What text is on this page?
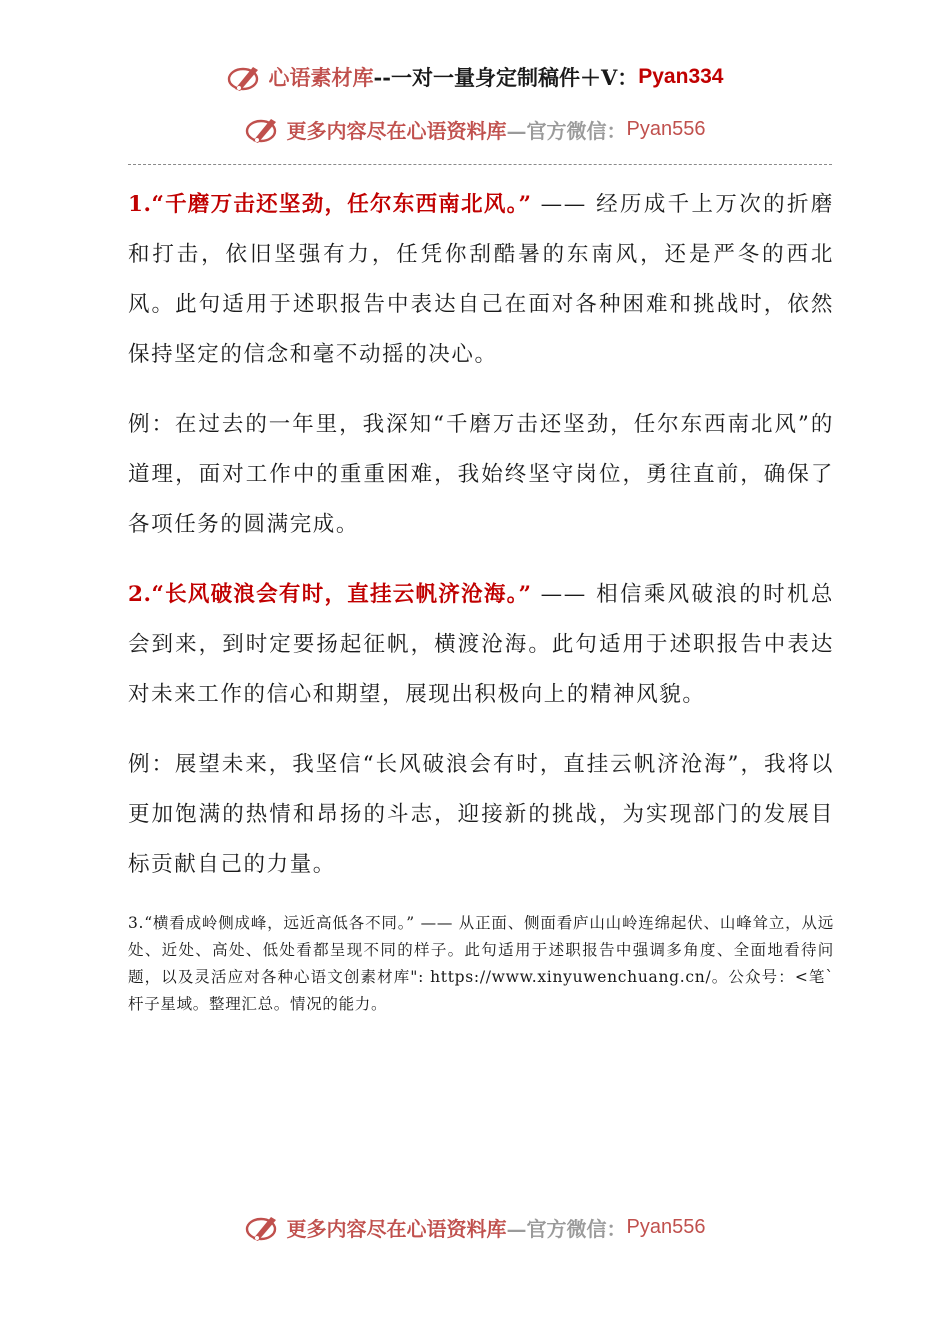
心语素材库 --一对一量身定制稿件＋V： Pyan334
更多内容尽在心语资料库 —官方微信： Pyan556

1.“千磨万击还坚劲，任尔东西南北风。” —— 经历成千上万次的折磨和打击，依旧坚强有力，任凭你刮酷暑的东南风，还是严冬的西北风。此句适用于述职报告中表达自己在面对各种困难和挑战时，依然保持坚定的信念和毫不动摇的决心。

例：在过去的一年里，我深知“千磨万击还坚劲，任尔东西南北风”的道理，面对工作中的重重困难，我始终坚守岗位，勇往直前，确保了各项任务的圆满完成。

2.“长风破浪会有时，直挂云帆济沧海。” —— 相信乘风破浪的时机总会到来，到时定要扬起征帆，横渡沧海。此句适用于述职报告中表达对未来工作的信心和期望，展现出积极向上的精神风貌。

例：展望未来，我坚信“长风破浪会有时，直挂云帆济沧海”，我将以更加饱满的热情和昂扬的斗志，迎接新的挑战，为实现部门的发展目标贡献自己的力量。

3.“横看成岭侧成峰，远近高低各不同。” —— 从正面、侧面看庐山山岭连绵起伏、山峰耸立，从远处、近处、高处、低处看都呈现不同的样子。此句适用于述职报告中强调多角度、全面地看待问题，以及灵活应对各种心语文创素材库": https://www.xinyuwenchuang.cn/。公众号：<笔`杆子星域。整理汇总。情况的能力。

更多内容尽在心语资料库 —官方微信： Pyan556
